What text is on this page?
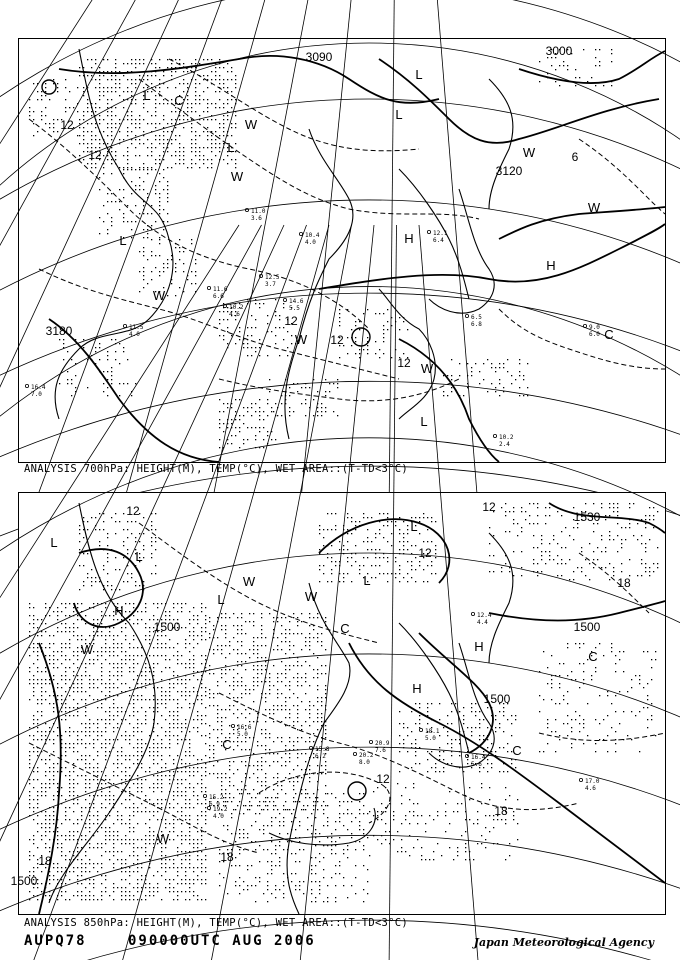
3090	3000
3120
3180
12
12
12
12
12
6
L
L
L
L
L
L
H
H
W
W
W
W
W
W
W
C
C
11.6
6.6
10.2
4.6
11.0
3.6
12.5
3.7
10.4
4.0
6.5
6.8	9.0
6.0
10.2
2.4
16.4
7.0
11.5
4.0
14.6
5.5
12.1
6.4
ANALYSIS 700hPa: HEIGHT(M), TEMP(°C), WET AREA::(T-TD<3°C)
1500	1500
1500
1500
1530
18	18
18
18
12
12
12
12
L
L
L
L
L
H
H
H
W
W
W
W
C
C
C
C
20.2
8.0
15.2
6.9
16.6
5.0
17.0
4.6
19.2
4.0
16.4
5.6
12.4
4.4
18.1
5.0
20.9
7.6
15.8
6.2
ANALYSIS 850hPa: HEIGHT(M), TEMP(°C), WET AREA::(T-TD<3°C)
AUPQ78	090000UTC AUG 2006	Japan Meteorological Agency
